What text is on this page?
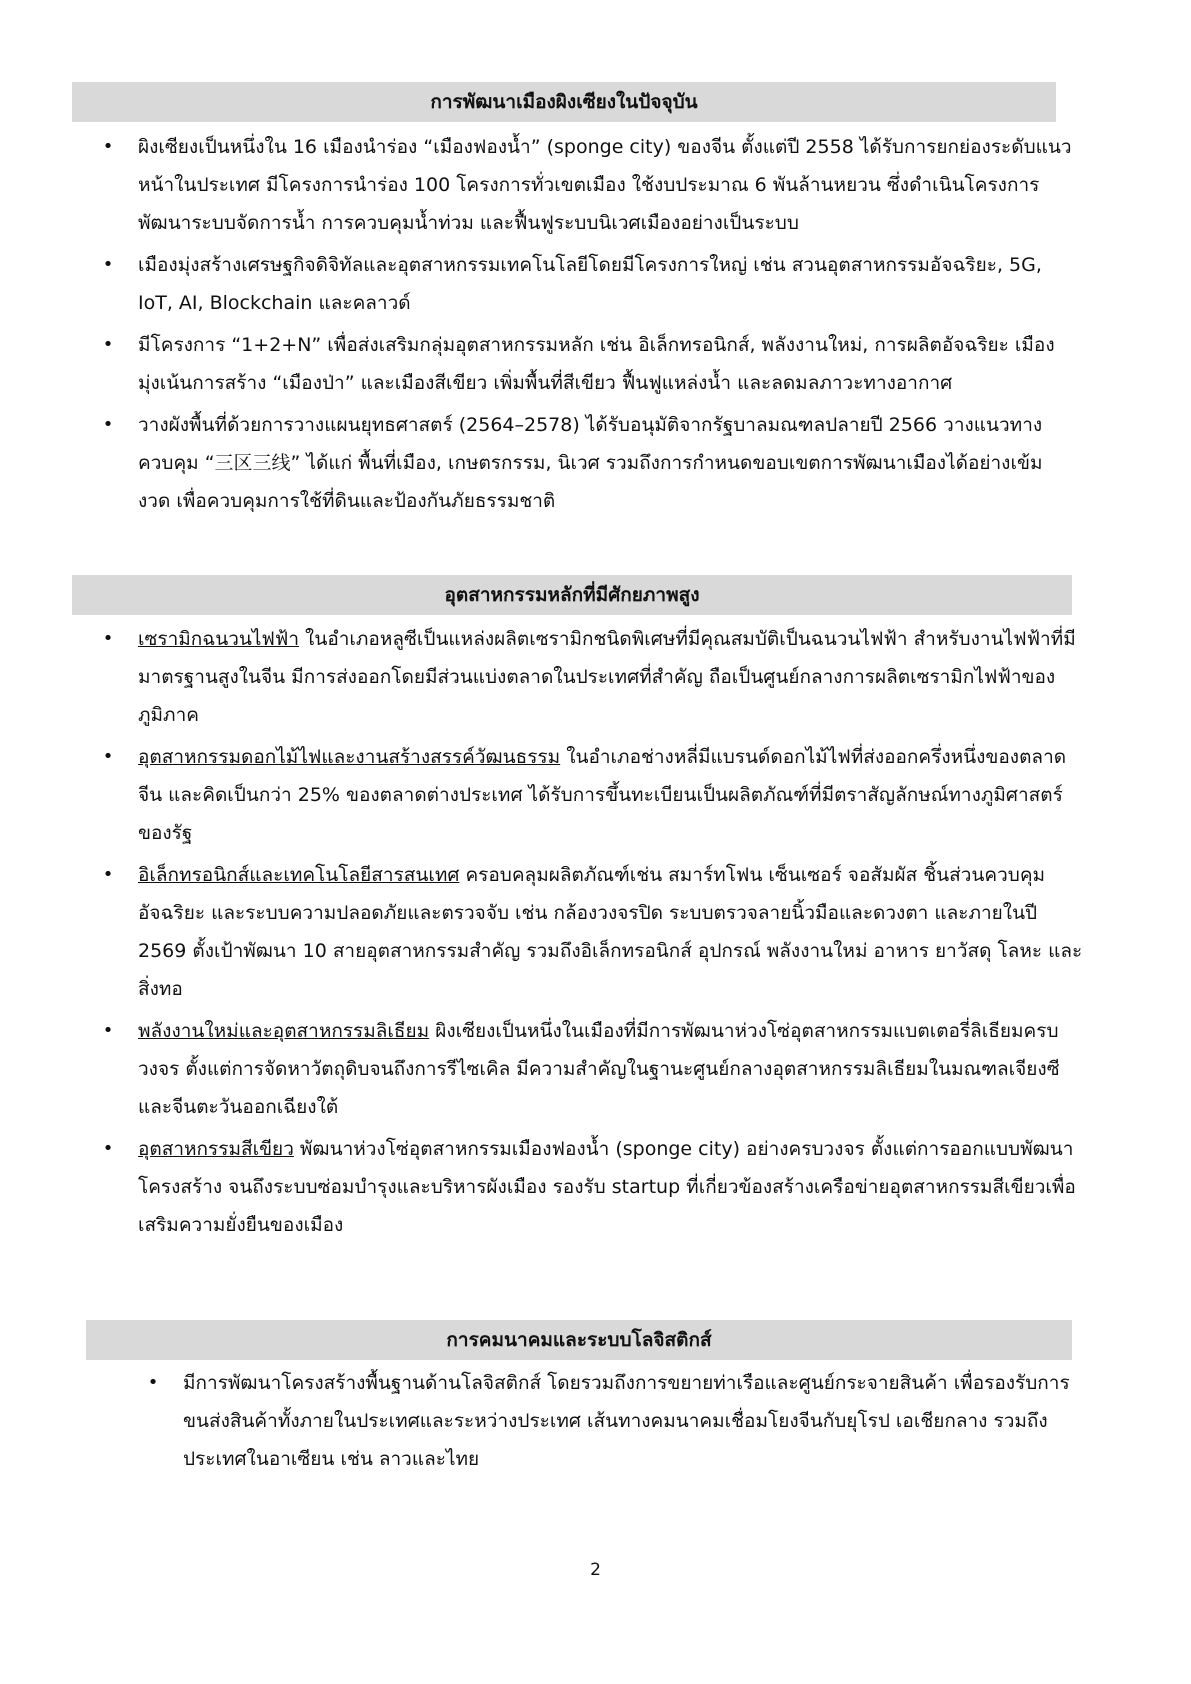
การพัฒนาเมืองผิงเซียงในปัจจุบัน
• ผิงเซียงเป็นหนึ่งใน 16 เมืองนำร่อง “เมืองฟองน้ำ” (sponge city) ของจีน ตั้งแต่ปี 2558 ได้รับการยกย่องระดับแนวหน้าในประเทศ มีโครงการนำร่อง 100 โครงการทั่วเขตเมือง ใช้งบประมาณ 6 พันล้านหยวน ซึ่งดำเนินโครงการพัฒนาระบบจัดการน้ำ การควบคุมน้ำท่วม และฟื้นฟูระบบนิเวศเมืองอย่างเป็นระบบ
• เมืองมุ่งสร้างเศรษฐกิจดิจิทัลและอุตสาหกรรมเทคโนโลยีโดยมีโครงการใหญ่ เช่น สวนอุตสาหกรรมอัจฉริยะ, 5G, IoT, AI, Blockchain และคลาวด์
• มีโครงการ “1+2+N” เพื่อส่งเสริมกลุ่มอุตสาหกรรมหลัก เช่น อิเล็กทรอนิกส์, พลังงานใหม่, การผลิตอัจฉริยะ เมืองมุ่งเน้นการสร้าง “เมืองป่า” และเมืองสีเขียว เพิ่มพื้นที่สีเขียว ฟื้นฟูแหล่งน้ำ และลดมลภาวะทางอากาศ
• วางผังพื้นที่ด้วยการวางแผนยุทธศาสตร์ (2564–2578) ได้รับอนุมัติจากรัฐบาลมณฑลปลายปี 2566 วางแนวทางควบคุม “三区三线” ได้แก่ พื้นที่เมือง, เกษตรกรรม, นิเวศ รวมถึงการกำหนดขอบเขตการพัฒนาเมืองได้อย่างเข้มงวด เพื่อควบคุมการใช้ที่ดินและป้องกันภัยธรรมชาติ
อุตสาหกรรมหลักที่มีศักยภาพสูง
• เซรามิกฉนวนไฟฟ้า ในอำเภอหลูซีเป็นแหล่งผลิตเซรามิกชนิดพิเศษที่มีคุณสมบัติเป็นฉนวนไฟฟ้า สำหรับงานไฟฟ้าที่มีมาตรฐานสูงในจีน มีการส่งออกโดยมีส่วนแบ่งตลาดในประเทศที่สำคัญ ถือเป็นศูนย์กลางการผลิตเซรามิกไฟฟ้าของภูมิภาค
• อุตสาหกรรมดอกไม้ไฟและงานสร้างสรรค์วัฒนธรรม ในอำเภอช่างหลี่มีแบรนด์ดอกไม้ไฟที่ส่งออกครึ่งหนึ่งของตลาดจีน และคิดเป็นกว่า 25% ของตลาดต่างประเทศ ได้รับการขึ้นทะเบียนเป็นผลิตภัณฑ์ที่มีตราสัญลักษณ์ทางภูมิศาสตร์ของรัฐ
• อิเล็กทรอนิกส์และเทคโนโลยีสารสนเทศ ครอบคลุมผลิตภัณฑ์เช่น สมาร์ทโฟน เซ็นเซอร์ จอสัมผัส ชิ้นส่วนควบคุมอัจฉริยะ และระบบความปลอดภัยและตรวจจับ เช่น กล้องวงจรปิด ระบบตรวจลายนิ้วมือและดวงตา และภายในปี 2569 ตั้งเป้าพัฒนา 10 สายอุตสาหกรรมสำคัญ รวมถึงอิเล็กทรอนิกส์ อุปกรณ์ พลังงานใหม่ อาหาร ยาวัสดุ โลหะ และสิ่งทอ
• พลังงานใหม่และอุตสาหกรรมลิเธียม ผิงเซียงเป็นหนึ่งในเมืองที่มีการพัฒนาห่วงโซ่อุตสาหกรรมแบตเตอรี่ลิเธียมครบวงจร ตั้งแต่การจัดหาวัตถุดิบจนถึงการรีไซเคิล มีความสำคัญในฐานะศูนย์กลางอุตสาหกรรมลิเธียมในมณฑลเจียงซีและจีนตะวันออกเฉียงใต้
• อุตสาหกรรมสีเขียว พัฒนาห่วงโซ่อุตสาหกรรมเมืองฟองน้ำ (sponge city) อย่างครบวงจร ตั้งแต่การออกแบบพัฒนาโครงสร้าง จนถึงระบบซ่อมบำรุงและบริหารผังเมือง รองรับ startup ที่เกี่ยวข้องสร้างเครือข่ายอุตสาหกรรมสีเขียวเพื่อเสริมความยั่งยืนของเมือง
การคมนาคมและระบบโลจิสติกส์
• มีการพัฒนาโครงสร้างพื้นฐานด้านโลจิสติกส์ โดยรวมถึงการขยายท่าเรือและศูนย์กระจายสินค้า เพื่อรองรับการขนส่งสินค้าทั้งภายในประเทศและระหว่างประเทศ เส้นทางคมนาคมเชื่อมโยงจีนกับยุโรป เอเชียกลาง รวมถึงประเทศในอาเซียน เช่น ลาวและไทย
2
